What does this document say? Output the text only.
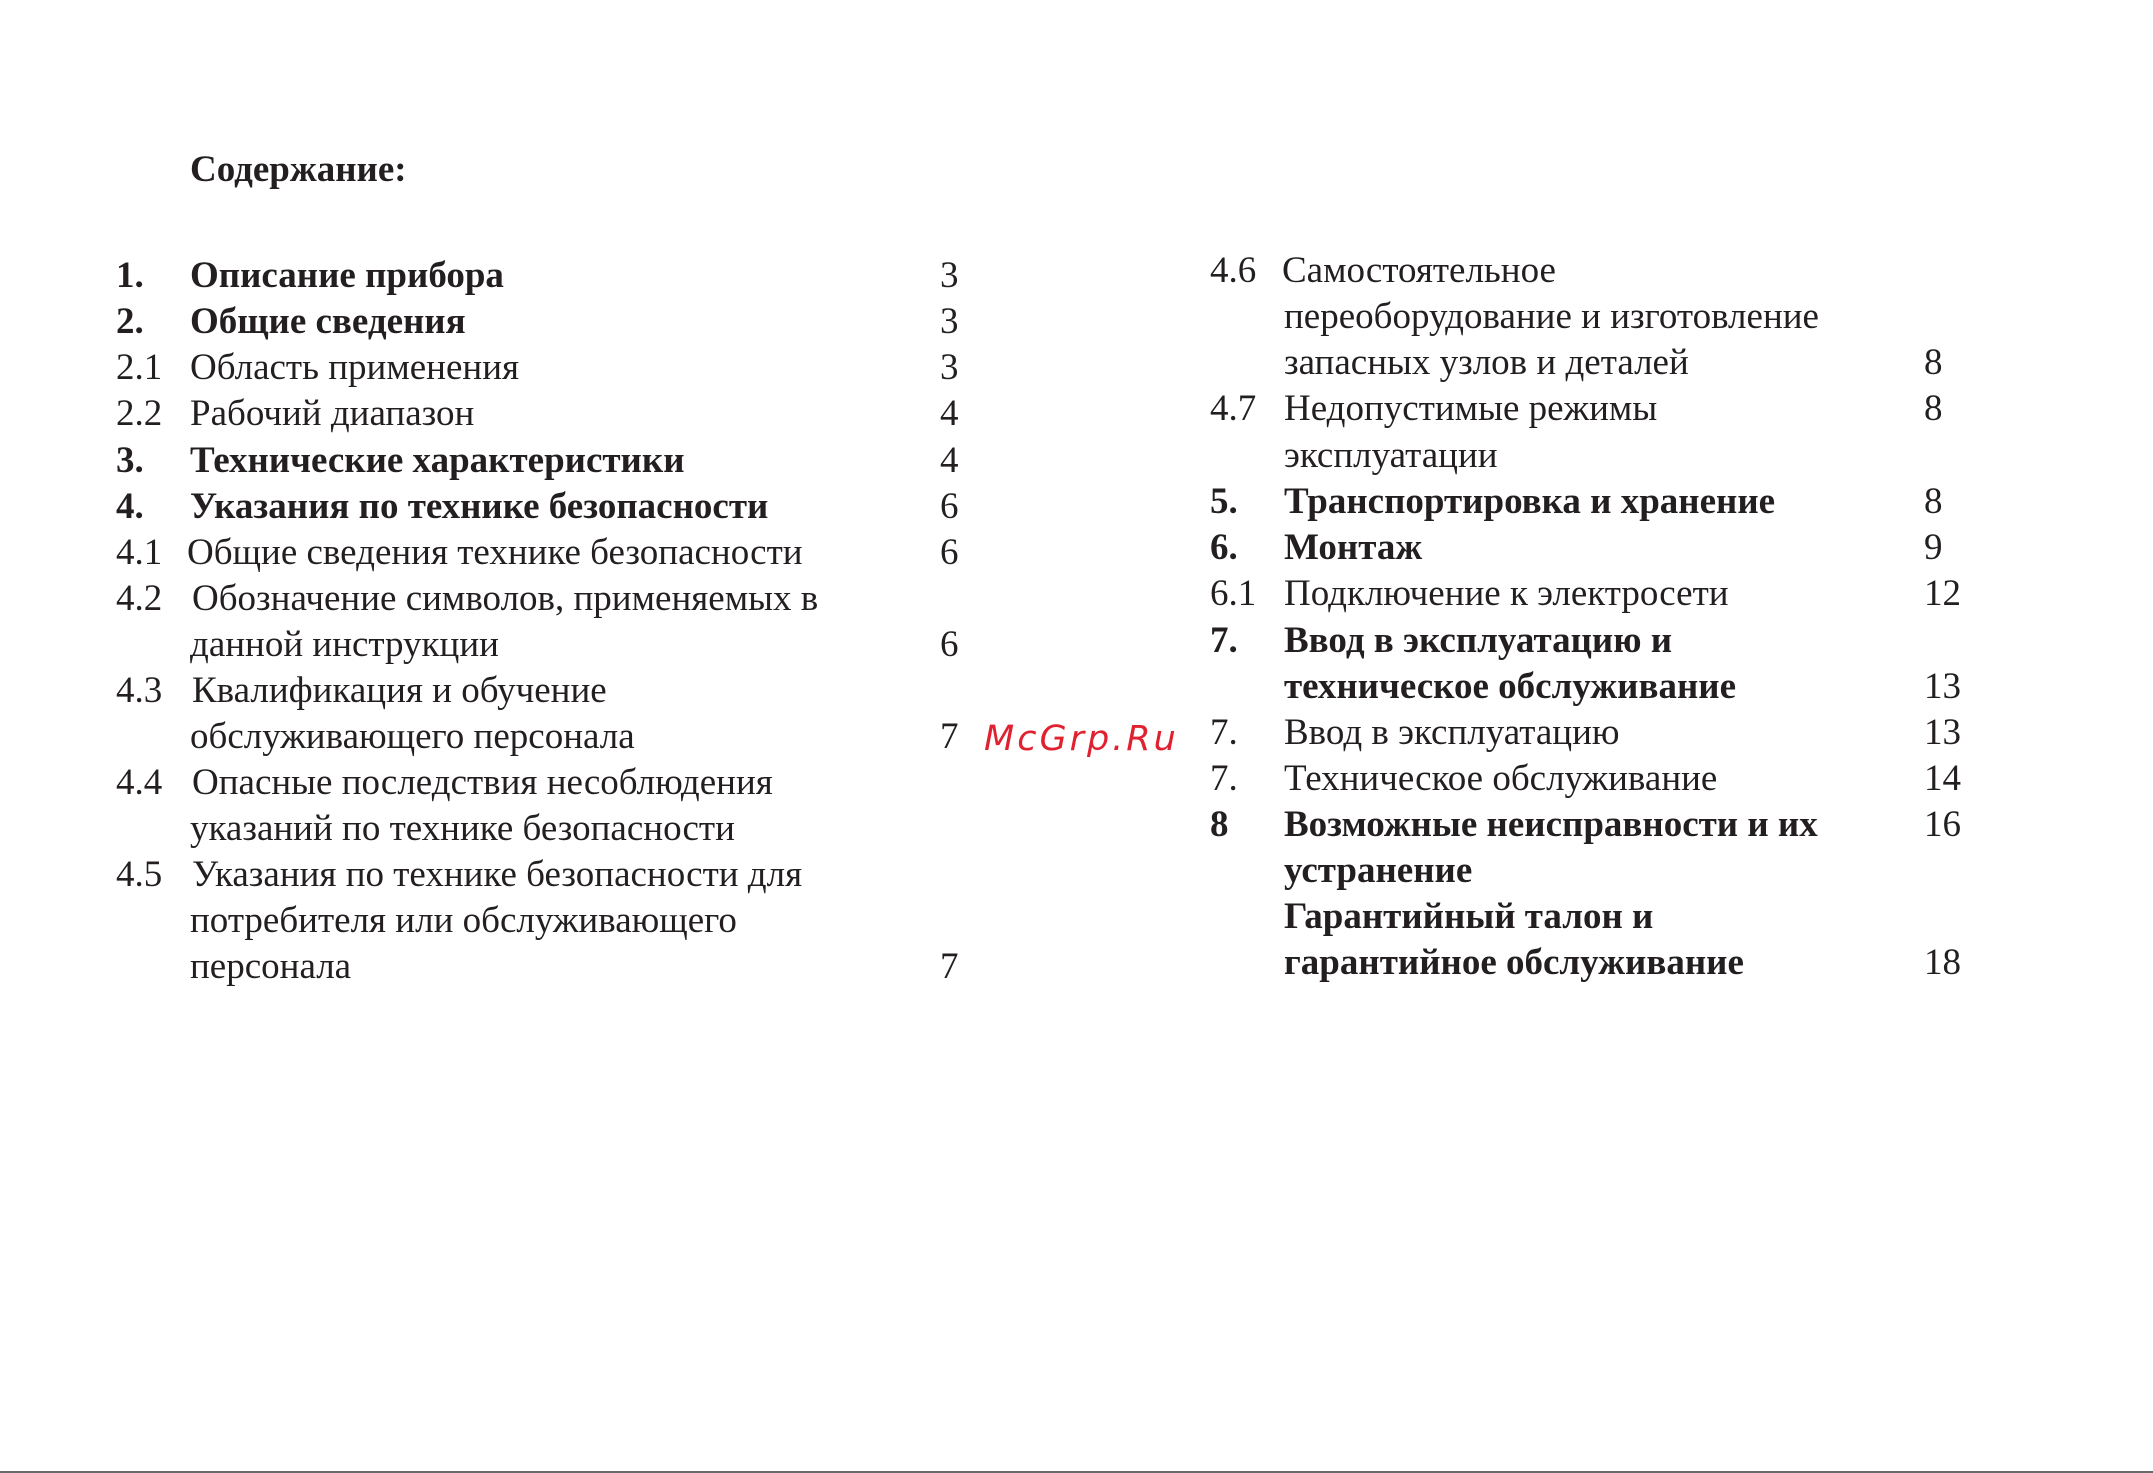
Содержание:
1. Описание прибора	3
2. Общие сведения	3
2.1 Область применения	3
2.2 Рабочий диапазон	4
3. Технические характеристики	4
4. Указания по технике безопасности	6
4.1 Общие сведения технике безопасности	6
4.2 Обозначение символов, применяемых в
данной инструкции	6
4.3 Квалификация и обучение
обслуживающего персонала	7
4.4 Опасные последствия несоблюдения
указаний по технике безопасности
4.5 Указания по технике безопасности для
потребителя или обслуживающего
персонала	7
McGrp.Ru
4.6 Самостоятельное
переоборудование и изготовление
запасных узлов и деталей	8
4.7 Недопустимые режимы	8
эксплуатации
5. Транспортировка и хранение	8
6. Монтаж	9
6.1 Подключение к электросети	12
7. Ввод в эксплуатацию и
техническое обслуживание	13
7. Ввод в эксплуатацию	13
7. Техническое обслуживание	14
8 Возможные неисправности и их	16
устранение
Гарантийный талон и
гарантийное обслуживание	18
